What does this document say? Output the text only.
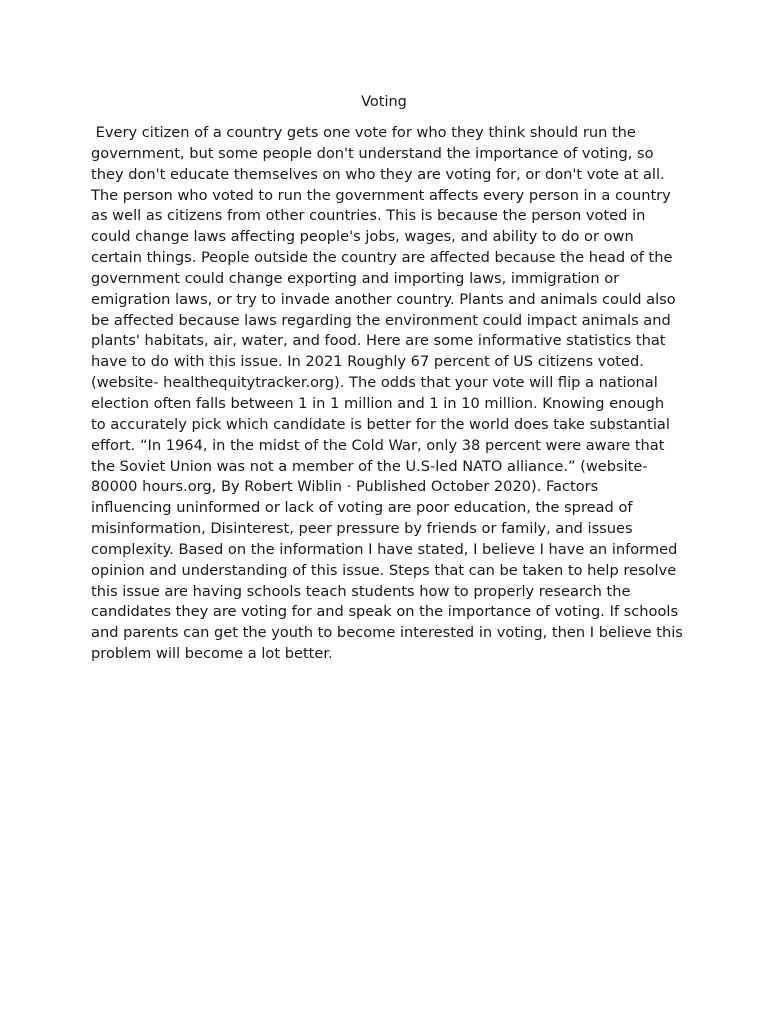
Voting

Every citizen of a country gets one vote for who they think should run the government, but some people don't understand the importance of voting, so they don't educate themselves on who they are voting for, or don't vote at all. The person who voted to run the government affects every person in a country as well as citizens from other countries. This is because the person voted in could change laws affecting people's jobs, wages, and ability to do or own certain things. People outside the country are affected because the head of the government could change exporting and importing laws, immigration or emigration laws, or try to invade another country. Plants and animals could also be affected because laws regarding the environment could impact animals and plants' habitats, air, water, and food. Here are some informative statistics that have to do with this issue. In 2021 Roughly 67 percent of US citizens voted. (website- healthequitytracker.org). The odds that your vote will flip a national election often falls between 1 in 1 million and 1 in 10 million. Knowing enough to accurately pick which candidate is better for the world does take substantial effort. “In 1964, in the midst of the Cold War, only 38 percent were aware that the Soviet Union was not a member of the U.S-led NATO alliance.” (website-80000 hours.org, By Robert Wiblin · Published October 2020). Factors influencing uninformed or lack of voting are poor education, the spread of misinformation, Disinterest, peer pressure by friends or family, and issues complexity. Based on the information I have stated, I believe I have an informed opinion and understanding of this issue. Steps that can be taken to help resolve this issue are having schools teach students how to properly research the candidates they are voting for and speak on the importance of voting. If schools and parents can get the youth to become interested in voting, then I believe this problem will become a lot better.
